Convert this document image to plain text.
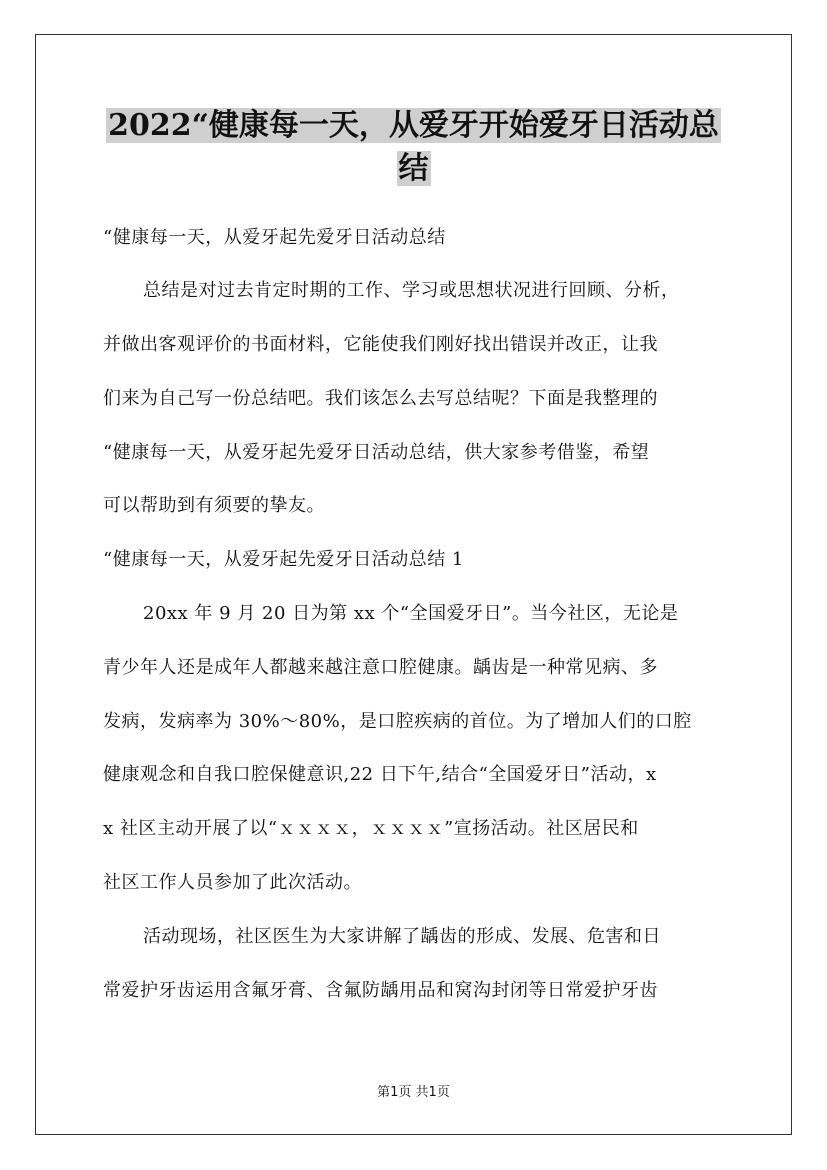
2022“健康每一天，从爱牙开始爱牙日活动总
结
“健康每一天，从爱牙起先爱牙日活动总结
总结是对过去肯定时期的工作、学习或思想状况进行回顾、分析，
并做出客观评价的书面材料，它能使我们刚好找出错误并改正，让我
们来为自己写一份总结吧。我们该怎么去写总结呢？下面是我整理的
“健康每一天，从爱牙起先爱牙日活动总结，供大家参考借鉴，希望
可以帮助到有须要的挚友。
“健康每一天，从爱牙起先爱牙日活动总结 1
20xx 年 9 月 20 日为第 xx 个“全国爱牙日”。当今社区，无论是
青少年人还是成年人都越来越注意口腔健康。龋齿是一种常见病、多
发病，发病率为 30%～80%，是口腔疾病的首位。为了增加人们的口腔
健康观念和自我口腔保健意识,22 日下午,结合“全国爱牙日”活动，x
x 社区主动开展了以“ｘｘｘｘ，ｘｘｘｘ”宣扬活动。社区居民和
社区工作人员参加了此次活动。
活动现场，社区医生为大家讲解了龋齿的形成、发展、危害和日
常爱护牙齿运用含氟牙膏、含氟防龋用品和窝沟封闭等日常爱护牙齿
第1页 共1页
